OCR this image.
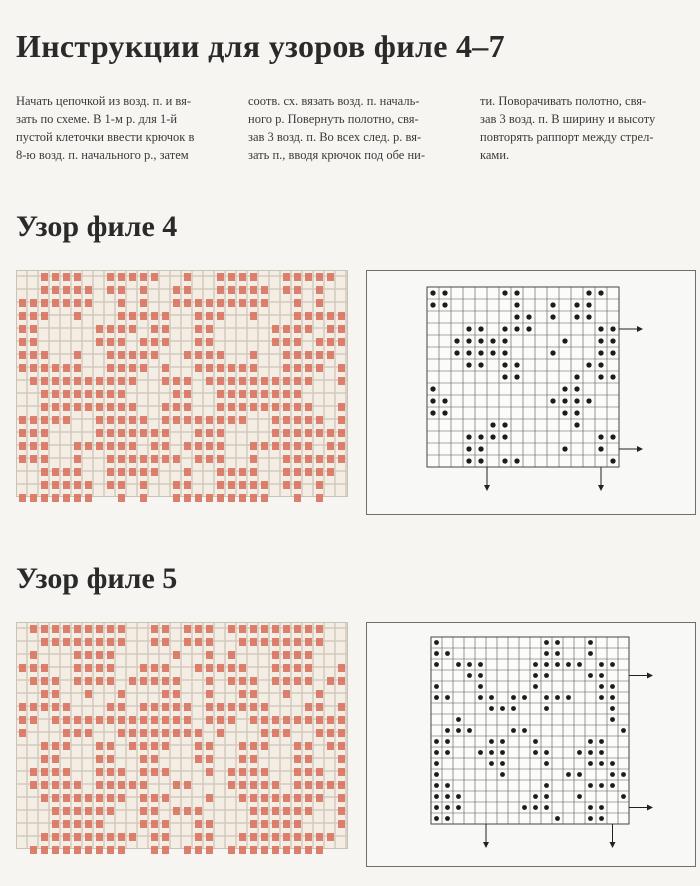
Инструкции для узоров филе 4–7
Начать цепочкой из возд. п. и вя-
зать по схеме. В 1-м р. для 1-й
пустой клеточки ввести крючок в
8-ю возд. п. начального р., затем
соотв. сх. вязать возд. п. началь-
ного р. Повернуть полотно, свя-
зав 3 возд. п. Во всех след. р. вя-
зать п., вводя крючок под обе ни-
ти. Поворачивать полотно, свя-
зав 3 возд. п. В ширину и высоту
повторять раппорт между стрел-
ками.
Узор филе 4
Узор филе 5
